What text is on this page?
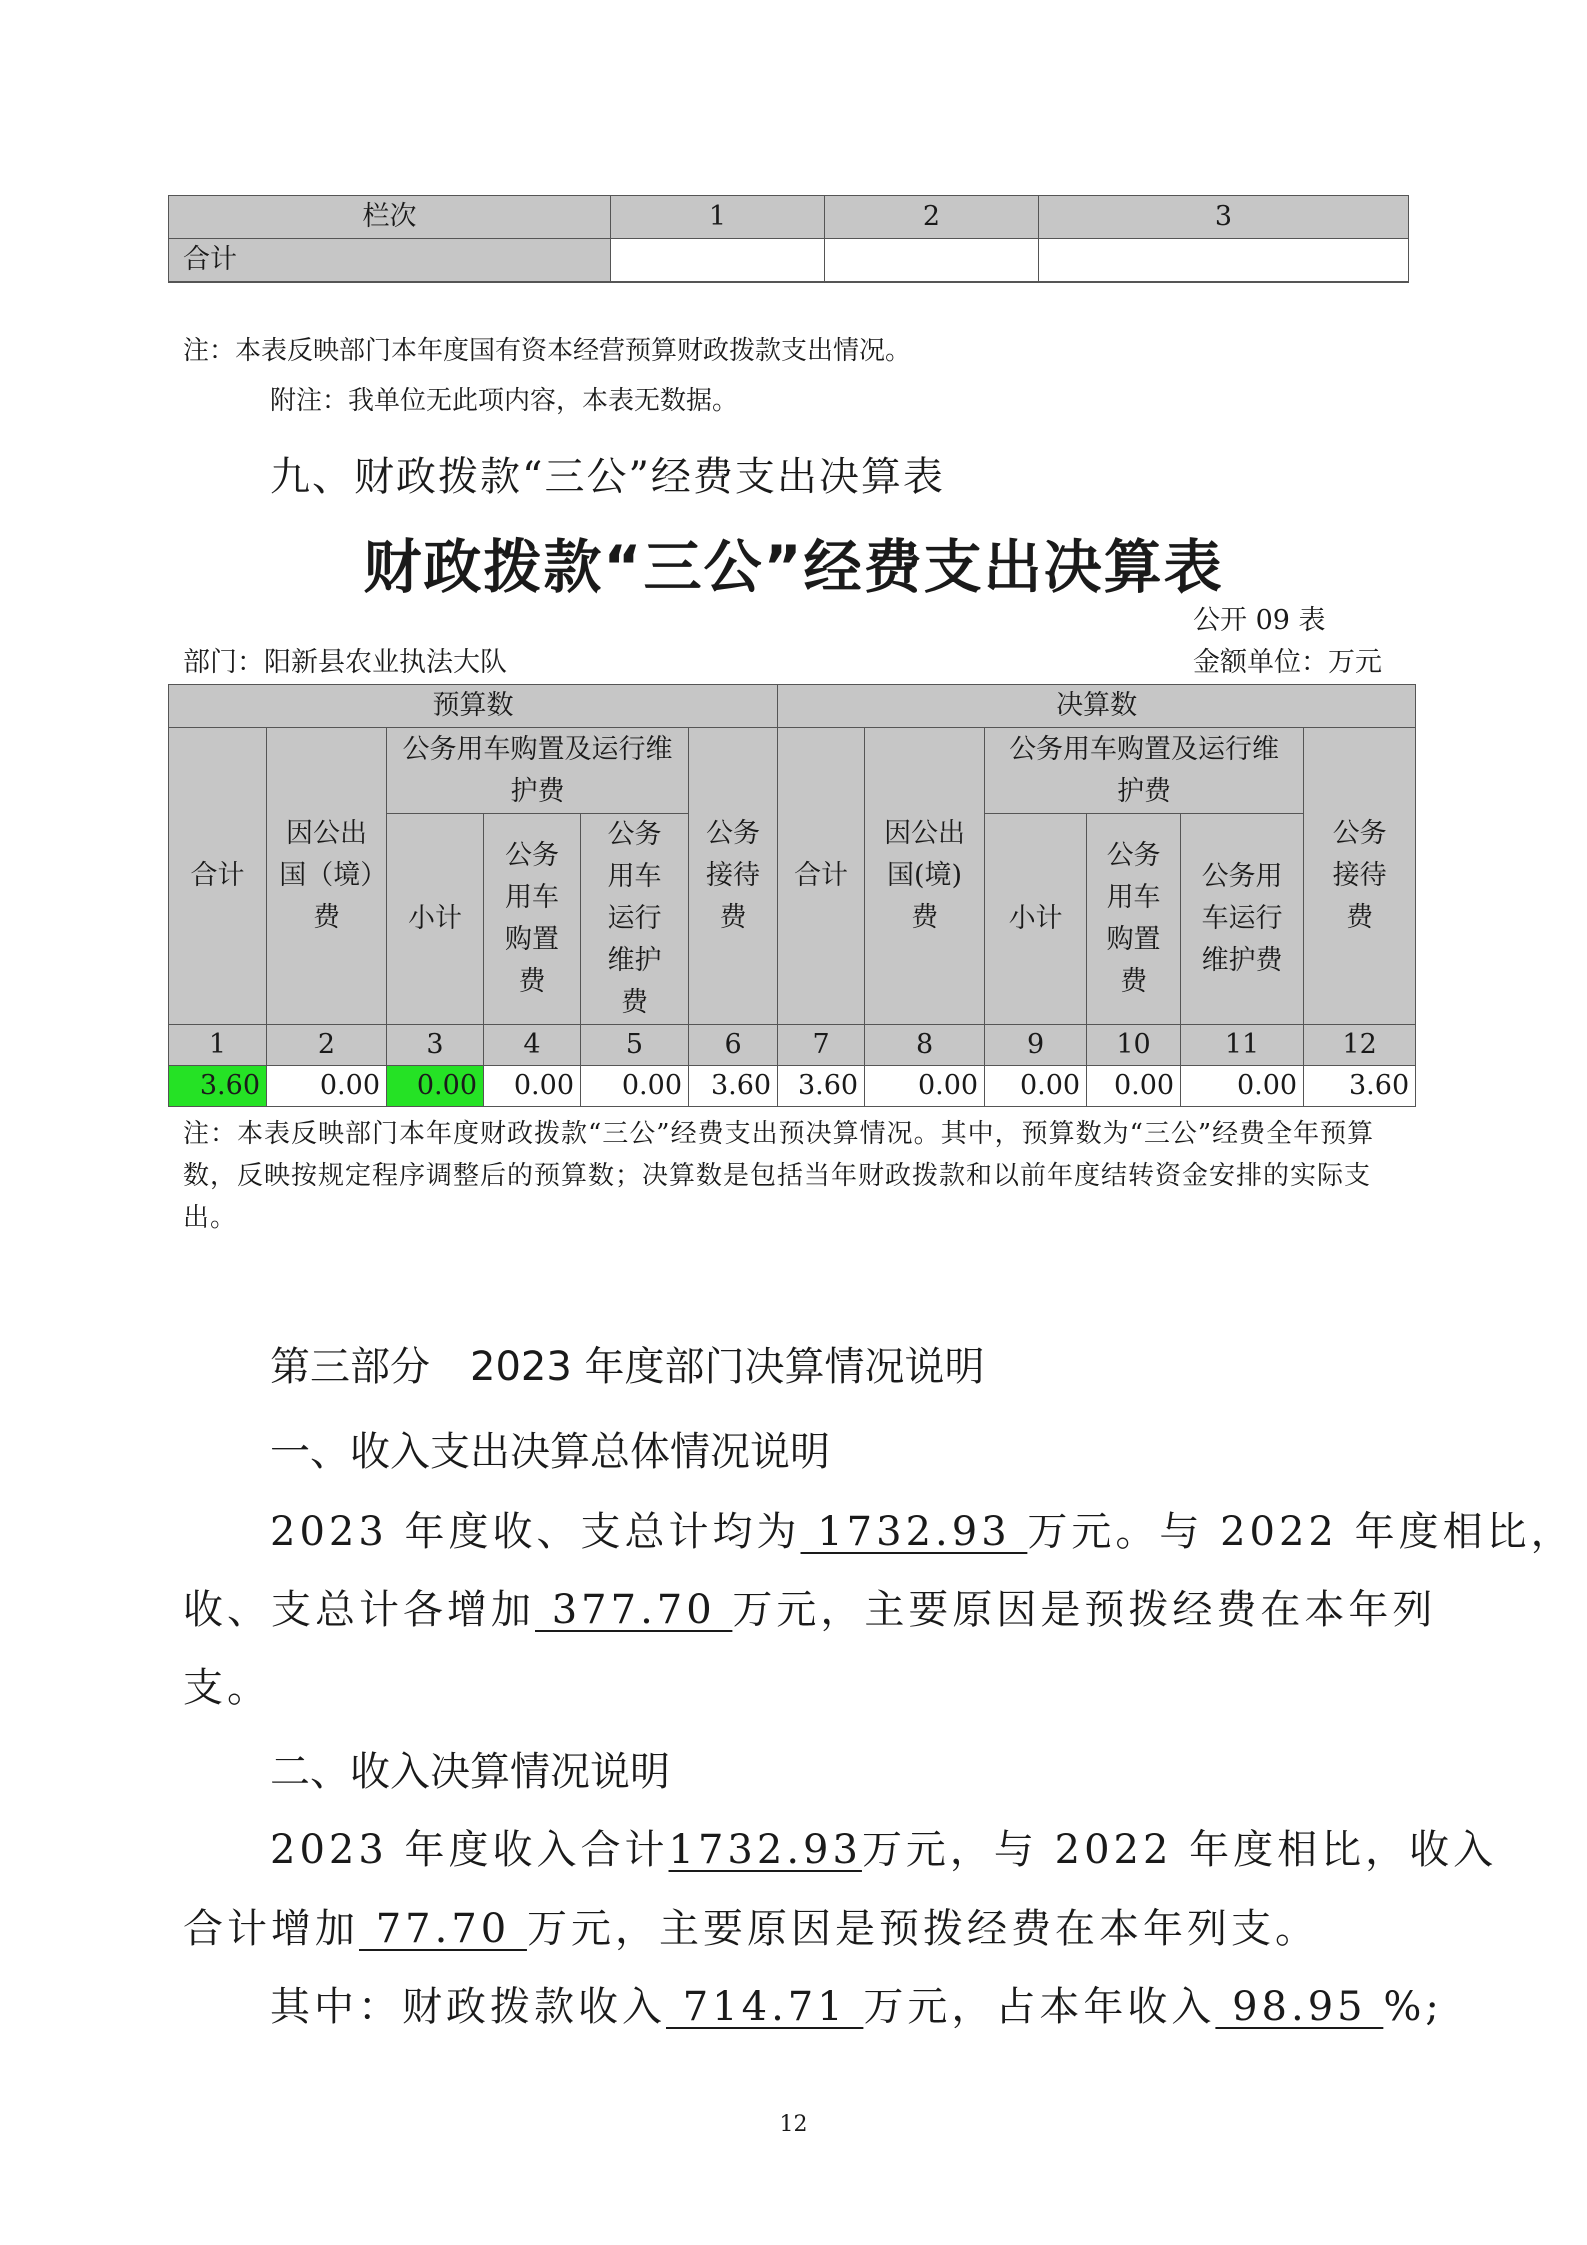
栏次		1	2	3
合计				

注：本表反映部门本年度国有资本经营预算财政拨款支出情况。
附注：我单位无此项内容，本表无数据。
九、财政拨款“三公”经费支出决算表
财政拨款“三公”经费支出决算表
公开 09 表
部门：阳新县农业执法大队	金额单位：万元
预算数						决算数					
合计	因公出国（境）费	公务用车购置及运行维护费			公务接待费	合计	因公出国(境)费	公务用车购置及运行维护费			公务接待费
		小计	公务用车购置费	公务用车运行维护费				小计	公务用车购置费	公务用车运行维护费	
1	2	3	4	5	6	7	8	9	10	11	12
3.60	0.00	0.00	0.00	0.00	3.60	3.60	0.00	0.00	0.00	0.00	3.60
注：本表反映部门本年度财政拨款“三公”经费支出预决算情况。其中，预算数为“三公”经费全年预算数，反映按规定程序调整后的预算数；决算数是包括当年财政拨款和以前年度结转资金安排的实际支出。
第三部分　2023 年度部门决算情况说明
一、收入支出决算总体情况说明
2023 年度收、支总计均为 1732.93 万元。与 2022 年度相比，
收、支总计各增加 377.70 万元，主要原因是预拨经费在本年列
支。
二、收入决算情况说明
2023 年度收入合计1732.93万元，与 2022 年度相比，收入
合计增加 77.70 万元，主要原因是预拨经费在本年列支。
其中：财政拨款收入 714.71 万元，占本年收入 98.95 %;
12
